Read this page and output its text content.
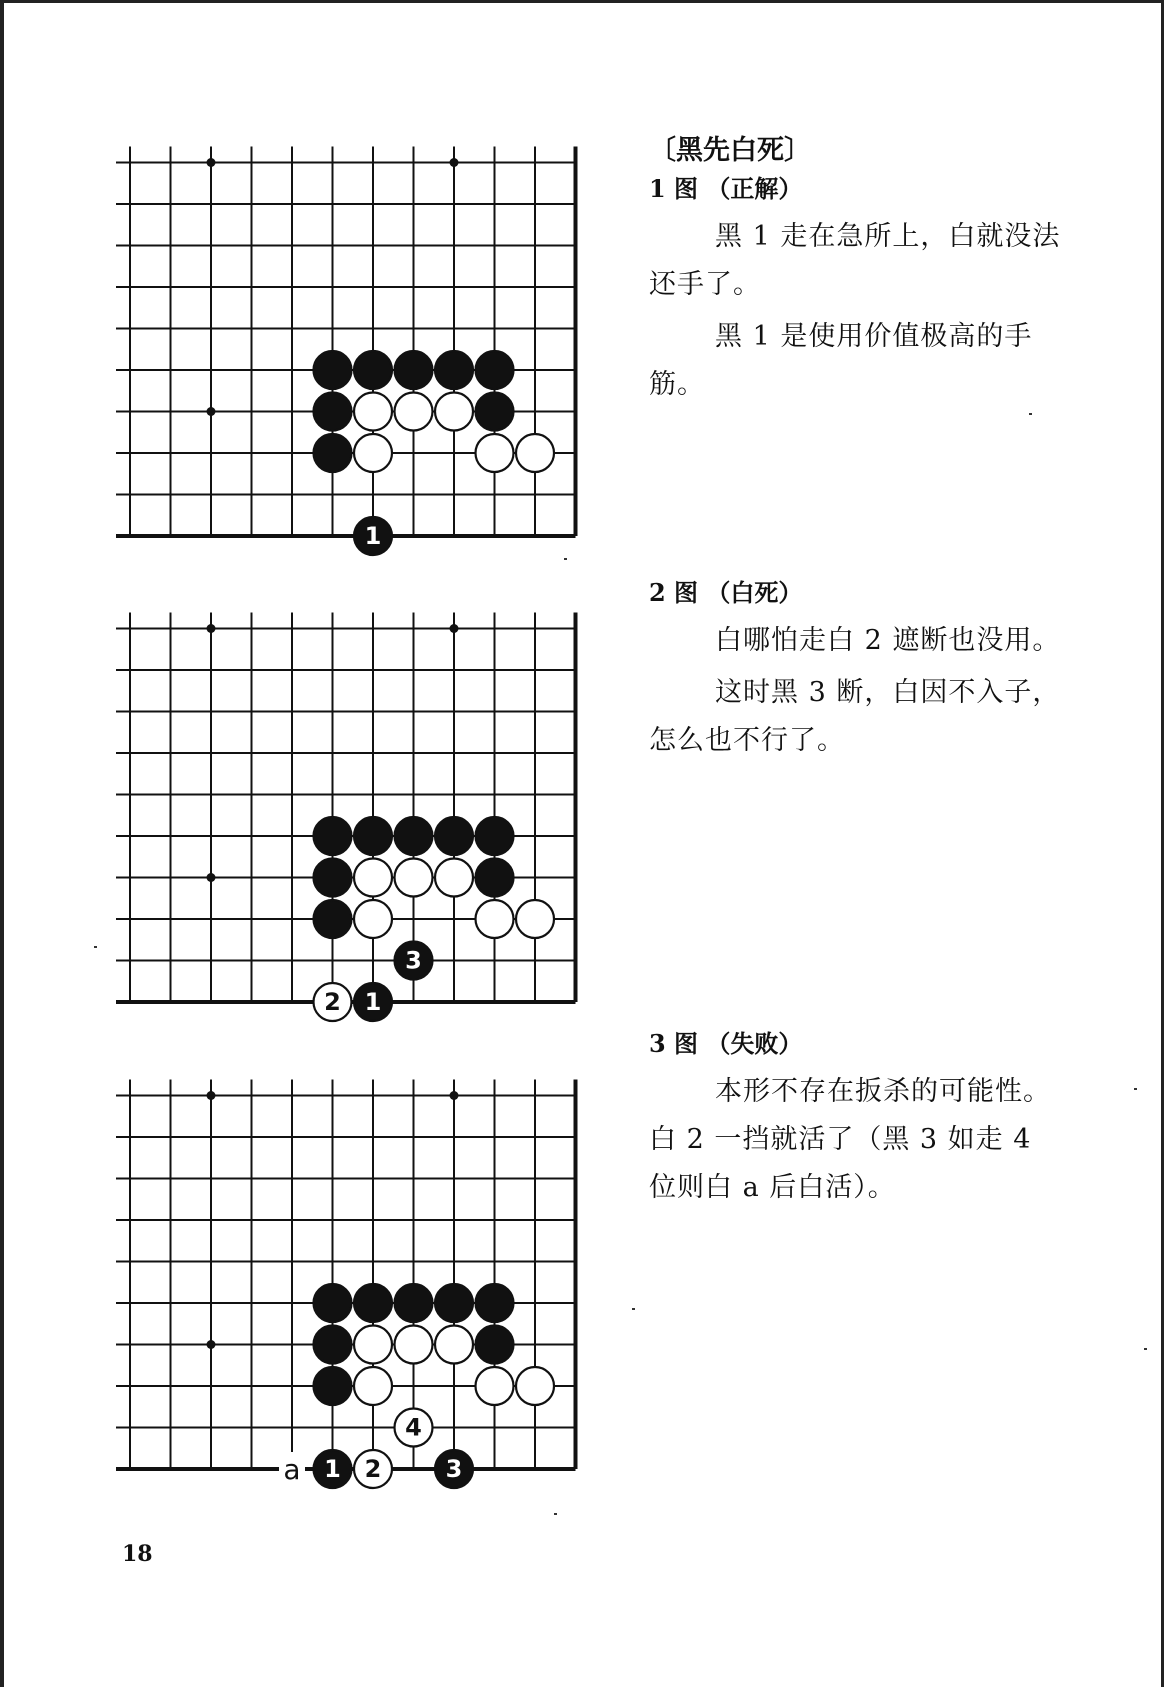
1
2 1
3
1 2	3
4
a

〔黑先白死〕

1 图 （正解）

黑 1 走在急所上，白就没法还手了。

黑 1 是使用价值极高的手筋。

2 图 （白死）

白哪怕走白 2 遮断也没用。

这时黑 3 断，白因不入子，怎么也不行了。

3 图 （失败）

本形不存在扳杀的可能性。白 2 一挡就活了（黑 3 如走 4 位则白 a 后白活）。

18
